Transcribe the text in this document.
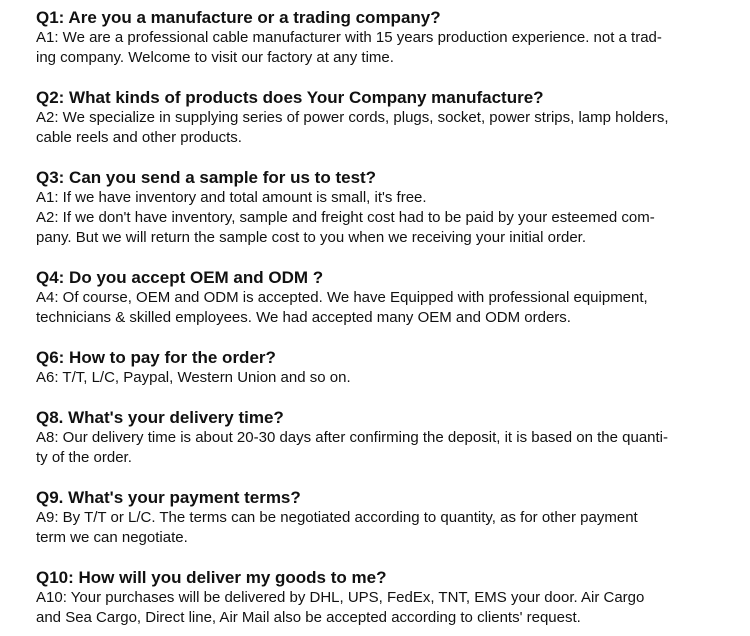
Q1: Are you a manufacture or a trading company?

A1: We are a professional cable manufacturer with 15 years production experience. not a trad-

ing company. Welcome to visit our factory at any time.

Q2: What kinds of products does Your Company manufacture?

A2: We specialize in supplying series of power cords, plugs, socket, power strips, lamp holders,

cable reels and other products.

Q3: Can you send a sample for us to test?

A1: If we have inventory and total amount is small, it's free.

A2: If we don't have inventory, sample and freight cost had to be paid by your esteemed com-

pany. But we will return the sample cost to you when we receiving your initial order.

Q4: Do you accept OEM and ODM ?

A4: Of course, OEM and ODM is accepted. We have Equipped with professional equipment,

technicians & skilled employees. We had accepted many OEM and ODM orders.

Q6: How to pay for the order?

A6: T/T, L/C, Paypal, Western Union and so on.

Q8. What's your delivery time?

A8: Our delivery time is about 20-30 days after confirming the deposit, it is based on the quanti-

ty of the order.

Q9. What's your payment terms?

A9: By T/T or L/C. The terms can be negotiated according to quantity, as for other payment

term we can negotiate.

Q10: How will you deliver my goods to me?

A10: Your purchases will be delivered by DHL, UPS, FedEx, TNT, EMS your door. Air Cargo

and Sea Cargo, Direct line, Air Mail also be accepted according to clients' request.
